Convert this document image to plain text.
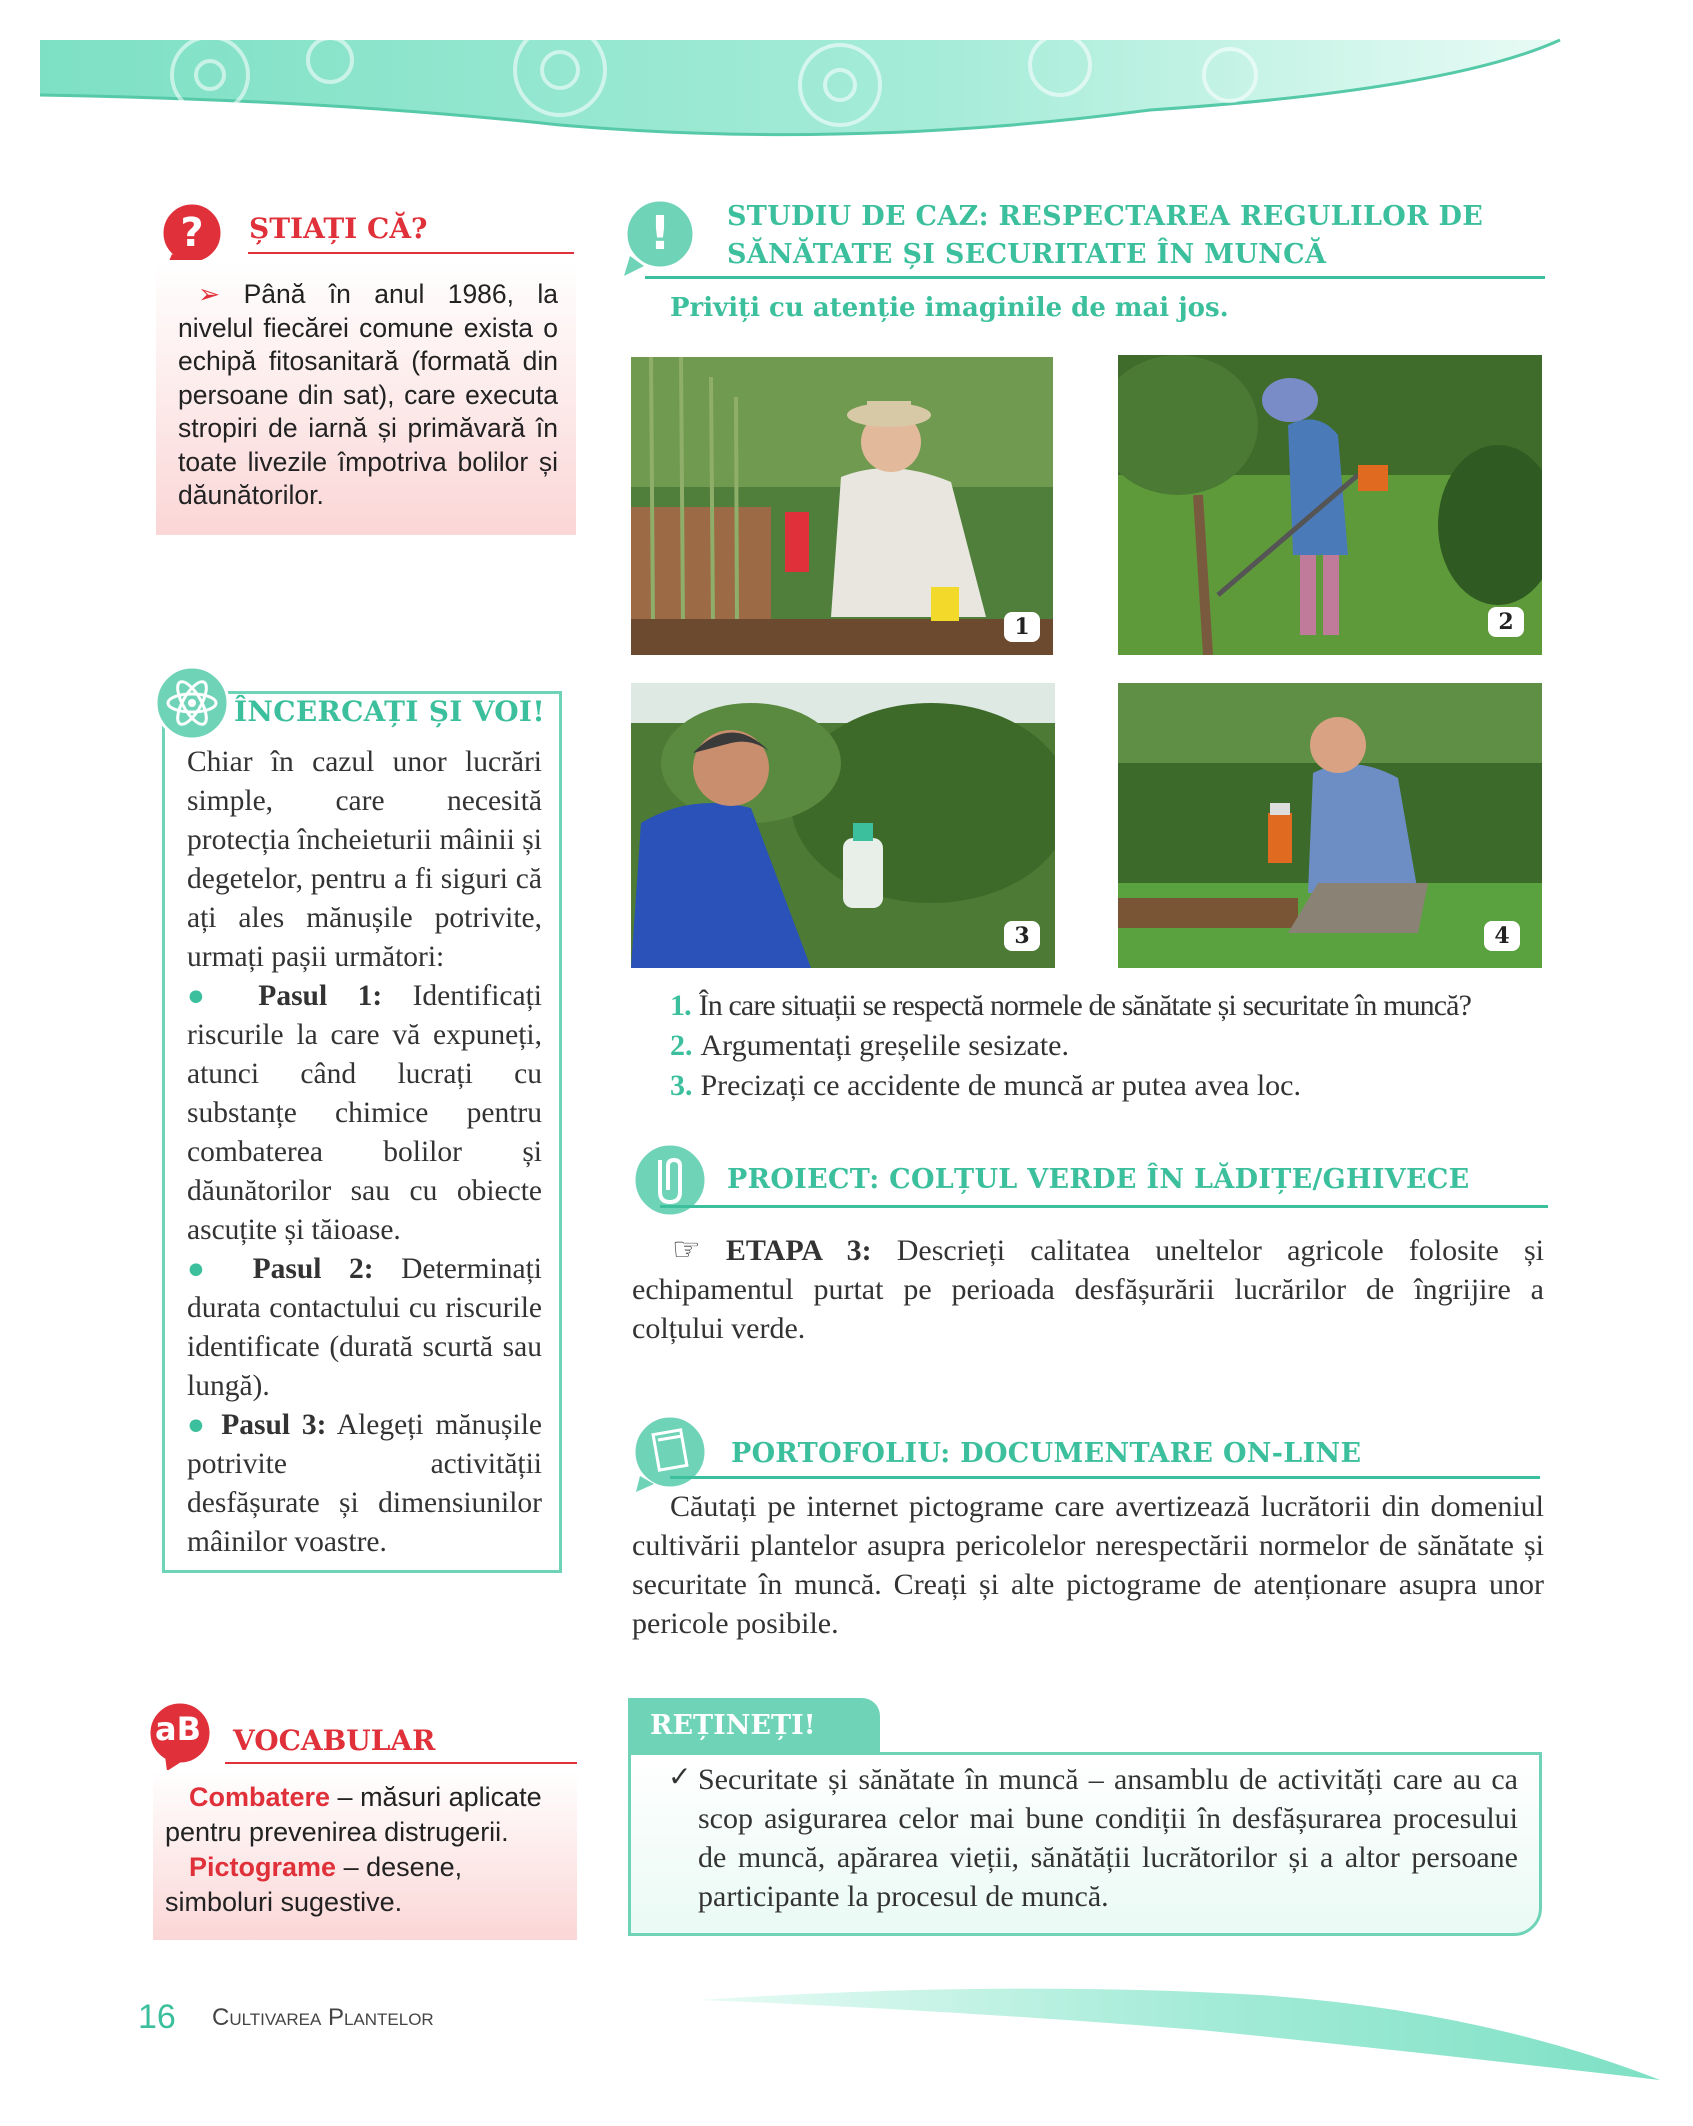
? ȘTIAȚI CĂ?

➢ Până în anul 1986, la nivelul fiecărei comune exista o echipă fitosanitară (formată din persoane din sat), care executa stropiri de iarnă și primăvară în toate livezile împotriva bolilor și dăunătorilor.

ÎNCERCAȚI ȘI VOI!

Chiar în cazul unor lucrări simple, care necesită protecția încheieturii mâinii și degetelor, pentru a fi siguri că ați ales mănușile potrivite, urmați pașii următori:

● Pasul 1: Identificați riscurile la care vă expuneți, atunci când lucrați cu substanțe chimice pentru combaterea bolilor și dăunătorilor sau cu obiecte ascuțite și tăioase.

● Pasul 2: Determinați durata contactului cu riscurile identificate (durată scurtă sau lungă).

● Pasul 3: Alegeți mănușile potrivite activității desfășurate și dimensiunilor mâinilor voastre.

aB VOCABULAR

Combatere – măsuri aplicate pentru prevenirea distrugerii.

Pictograme – desene, simboluri sugestive.

! STUDIU DE CAZ: RESPECTAREA REGULILOR DE
SĂNĂTATE ȘI SECURITATE ÎN MUNCĂ
Priviți cu atenție imaginile de mai jos.
1	2
3	4

1. În care situații se respectă normele de sănătate și securitate în muncă?

2. Argumentați greșelile sesizate.

3. Precizați ce accidente de muncă ar putea avea loc.

PROIECT: COLȚUL VERDE ÎN LĂDIȚE/GHIVECE

☞ ETAPA 3: Descrieți calitatea uneltelor agricole folosite și echipamentul purtat pe perioada desfășurării lucrărilor de îngrijire a colțului verde.

PORTOFOLIU: DOCUMENTARE ON-LINE

Căutați pe internet pictograme care avertizează lucrătorii din domeniul cultivării plantelor asupra pericolelor nerespectării normelor de sănătate și securitate în muncă. Creați și alte pictograme de atenționare asupra unor pericole posibile.

REȚINEȚI!
✓ Securitate și sănătate în muncă – ansamblu de activități care au ca scop asigurarea celor mai bune condiții în desfășurarea procesului de muncă, apărarea vieții, sănătății lucrătorilor și a altor persoane participante la procesul de muncă.

16 Cultivarea Plantelor
